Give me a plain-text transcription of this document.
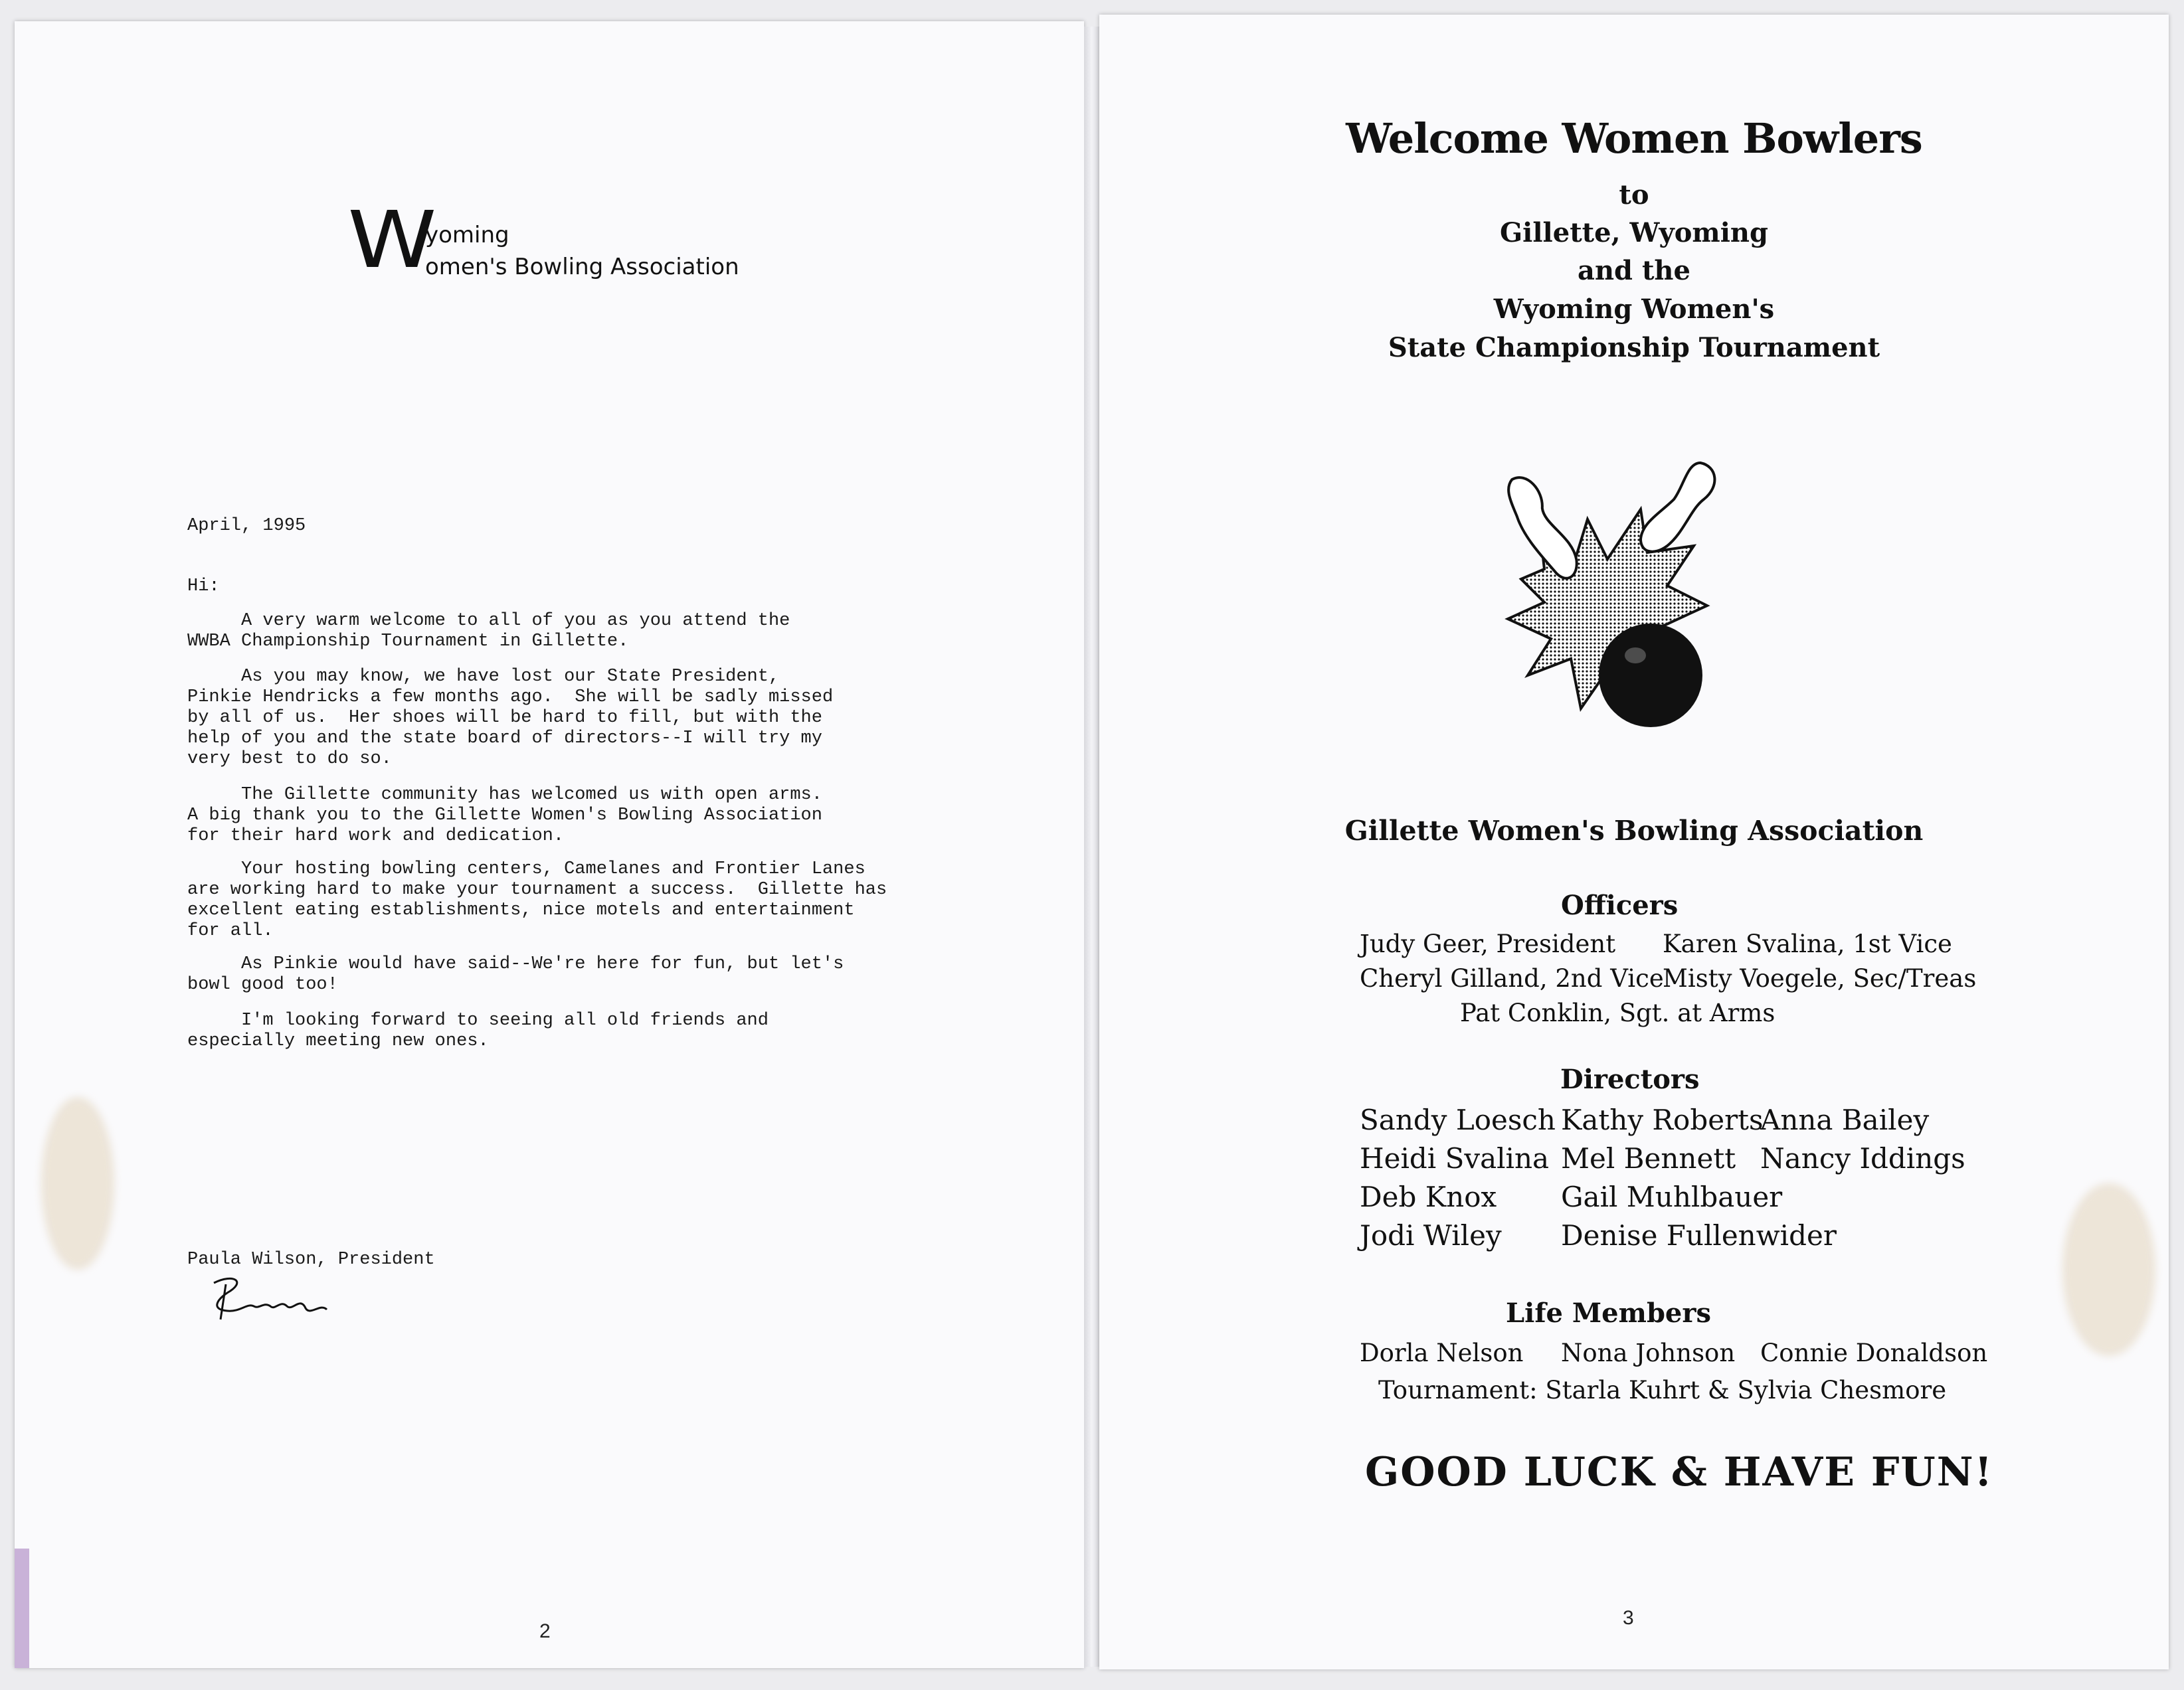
W
yoming
omen's Bowling Association
April, 1995
Hi:
A very warm welcome to all of you as you attend the
WWBA Championship Tournament in Gillette.
As you may know, we have lost our State President,
Pinkie Hendricks a few months ago.  She will be sadly missed
by all of us.  Her shoes will be hard to fill, but with the
help of you and the state board of directors--I will try my
very best to do so.
The Gillette community has welcomed us with open arms.
A big thank you to the Gillette Women's Bowling Association
for their hard work and dedication.
Your hosting bowling centers, Camelanes and Frontier Lanes
are working hard to make your tournament a success.  Gillette has
excellent eating establishments, nice motels and entertainment
for all.
As Pinkie would have said--We're here for fun, but let's
bowl good too!
I'm looking forward to seeing all old friends and
especially meeting new ones.
Paula Wilson, President
2
Welcome Women Bowlers
to
Gillette, Wyoming
and the
Wyoming Women's
State Championship Tournament
Gillette Women's Bowling Association
Officers
Judy Geer, President Karen Svalina, 1st Vice
Cheryl Gilland, 2nd Vice
Misty Voegele, Sec/Treas
Pat Conklin, Sgt. at Arms
Directors
Sandy Loesch
Heidi Svalina
Deb Knox
Jodi Wiley
Kathy Roberts
Mel Bennett
Gail Muhlbauer
Denise Fullenwider
Anna Bailey
Nancy Iddings
Life Members
Dorla Nelson Nona Johnson Connie Donaldson
Tournament: Starla Kuhrt & Sylvia Chesmore
GOOD LUCK & HAVE FUN!
3
